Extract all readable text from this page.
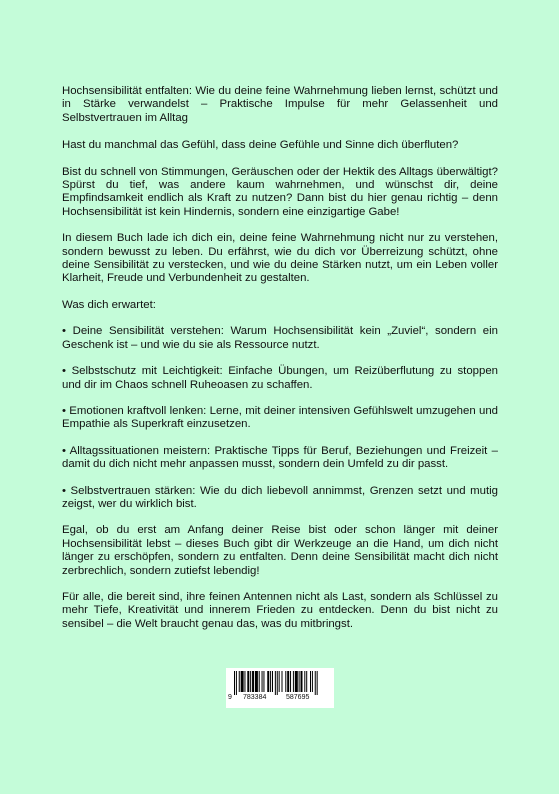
Hochsensibilität entfalten: Wie du deine feine Wahrnehmung lieben lernst, schützt und in Stärke verwandelst – Praktische Impulse für mehr Gelassenheit und Selbstvertrauen im Alltag

Hast du manchmal das Gefühl, dass deine Gefühle und Sinne dich überfluten?

Bist du schnell von Stimmungen, Geräuschen oder der Hektik des Alltags überwältigt? Spürst du tief, was andere kaum wahrnehmen, und wünschst dir, deine Empfindsamkeit endlich als Kraft zu nutzen? Dann bist du hier genau richtig – denn Hochsensibilität ist kein Hindernis, sondern eine einzigartige Gabe!

In diesem Buch lade ich dich ein, deine feine Wahrnehmung nicht nur zu verstehen, sondern bewusst zu leben. Du erfährst, wie du dich vor Überreizung schützt, ohne deine Sensibilität zu verstecken, und wie du deine Stärken nutzt, um ein Leben voller Klarheit, Freude und Verbundenheit zu gestalten.

Was dich erwartet:

• Deine Sensibilität verstehen: Warum Hochsensibilität kein „Zuviel“, sondern ein Geschenk ist – und wie du sie als Ressource nutzt.

• Selbstschutz mit Leichtigkeit: Einfache Übungen, um Reizüberflutung zu stoppen und dir im Chaos schnell Ruheoasen zu schaffen.

• Emotionen kraftvoll lenken: Lerne, mit deiner intensiven Gefühlswelt umzugehen und Empathie als Superkraft einzusetzen.

• Alltagssituationen meistern: Praktische Tipps für Beruf, Beziehungen und Freizeit – damit du dich nicht mehr anpassen musst, sondern dein Umfeld zu dir passt.

• Selbstvertrauen stärken: Wie du dich liebevoll annimmst, Grenzen setzt und mutig zeigst, wer du wirklich bist.

Egal, ob du erst am Anfang deiner Reise bist oder schon länger mit deiner Hochsensibilität lebst – dieses Buch gibt dir Werkzeuge an die Hand, um dich nicht länger zu erschöpfen, sondern zu entfalten. Denn deine Sensibilität macht dich nicht zerbrechlich, sondern zutiefst lebendig!

Für alle, die bereit sind, ihre feinen Antennen nicht als Last, sondern als Schlüssel zu mehr Tiefe, Kreativität und innerem Frieden zu entdecken. Denn du bist nicht zu sensibel – die Welt braucht genau das, was du mitbringst.

9 783384	587695
